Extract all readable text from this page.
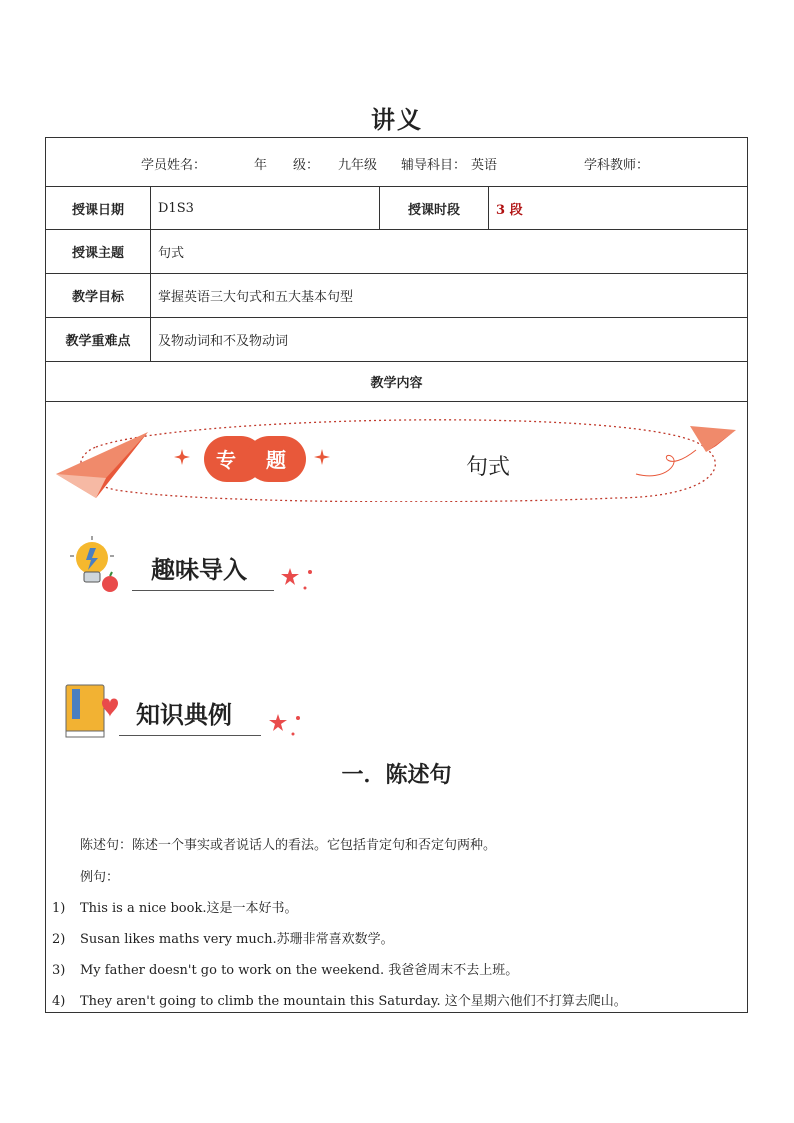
讲义
学员姓名：	年　　级： 九年级 辅导科目： 英语	学科教师：
授课日期	D1S3	授课时段	3 段
授课主题	句式
教学目标	掌握英语三大句式和五大基本句型
教学重难点	及物动词和不及物动词
教学内容
专 题	句式
趣味导入
知识典例
一．陈述句
陈述句：陈述一个事实或者说话人的看法。它包括肯定句和否定句两种。
例句：
1) This is a nice book.这是一本好书。
2) Susan likes maths very much.苏珊非常喜欢数学。
3) My father doesn't go to work on the weekend. 我爸爸周末不去上班。
4) They aren't going to climb the mountain this Saturday. 这个星期六他们不打算去爬山。
